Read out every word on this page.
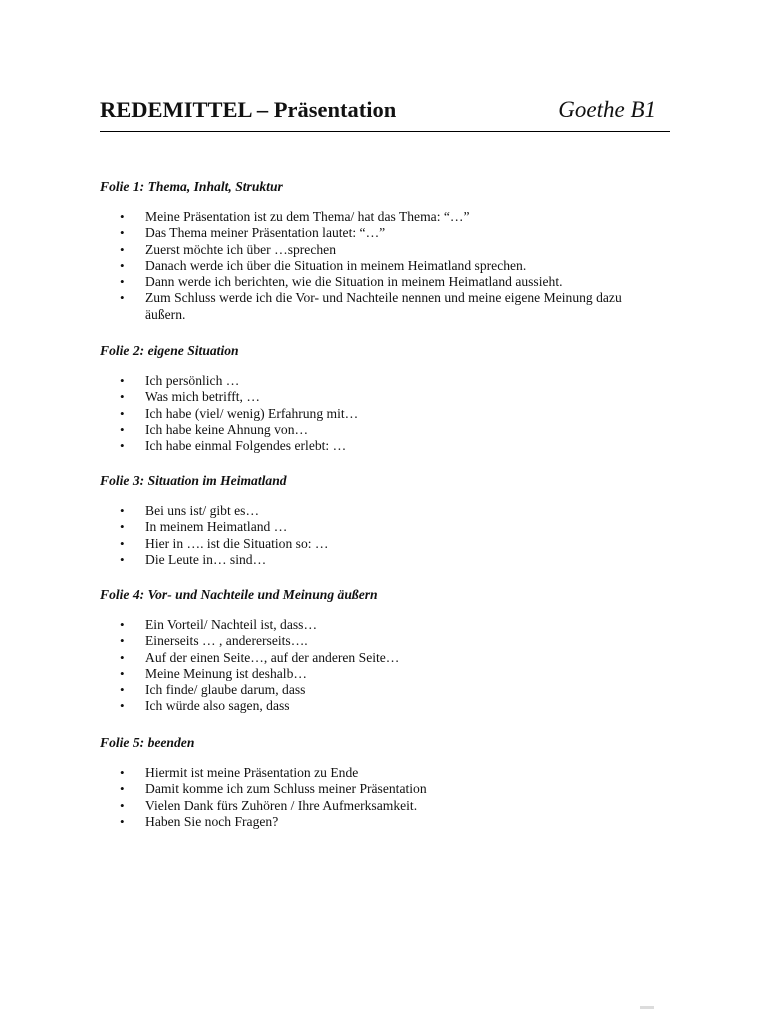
REDEMITTEL – Präsentation	Goethe B1
Folie 1: Thema, Inhalt, Struktur
• Meine Präsentation ist zu dem Thema/ hat das Thema: “…”
• Das Thema meiner Präsentation lautet: “…”
• Zuerst möchte ich über …sprechen
• Danach werde ich über die Situation in meinem Heimatland sprechen.
• Dann werde ich berichten, wie die Situation in meinem Heimatland aussieht.
• Zum Schluss werde ich die Vor- und Nachteile nennen und meine eigene Meinung dazu äußern.
Folie 2: eigene Situation
• Ich persönlich …
• Was mich betrifft, …
• Ich habe (viel/ wenig) Erfahrung mit…
• Ich habe keine Ahnung von…
• Ich habe einmal Folgendes erlebt: …
Folie 3: Situation im Heimatland
• Bei uns ist/ gibt es…
• In meinem Heimatland …
• Hier in …. ist die Situation so: …
• Die Leute in… sind…
Folie 4: Vor- und Nachteile und Meinung äußern
• Ein Vorteil/ Nachteil ist, dass…
• Einerseits … , andererseits….
• Auf der einen Seite…, auf der anderen Seite…
• Meine Meinung ist deshalb…
• Ich finde/ glaube darum, dass
• Ich würde also sagen, dass
Folie 5: beenden
• Hiermit ist meine Präsentation zu Ende
• Damit komme ich zum Schluss meiner Präsentation
• Vielen Dank fürs Zuhören / Ihre Aufmerksamkeit.
• Haben Sie noch Fragen?
